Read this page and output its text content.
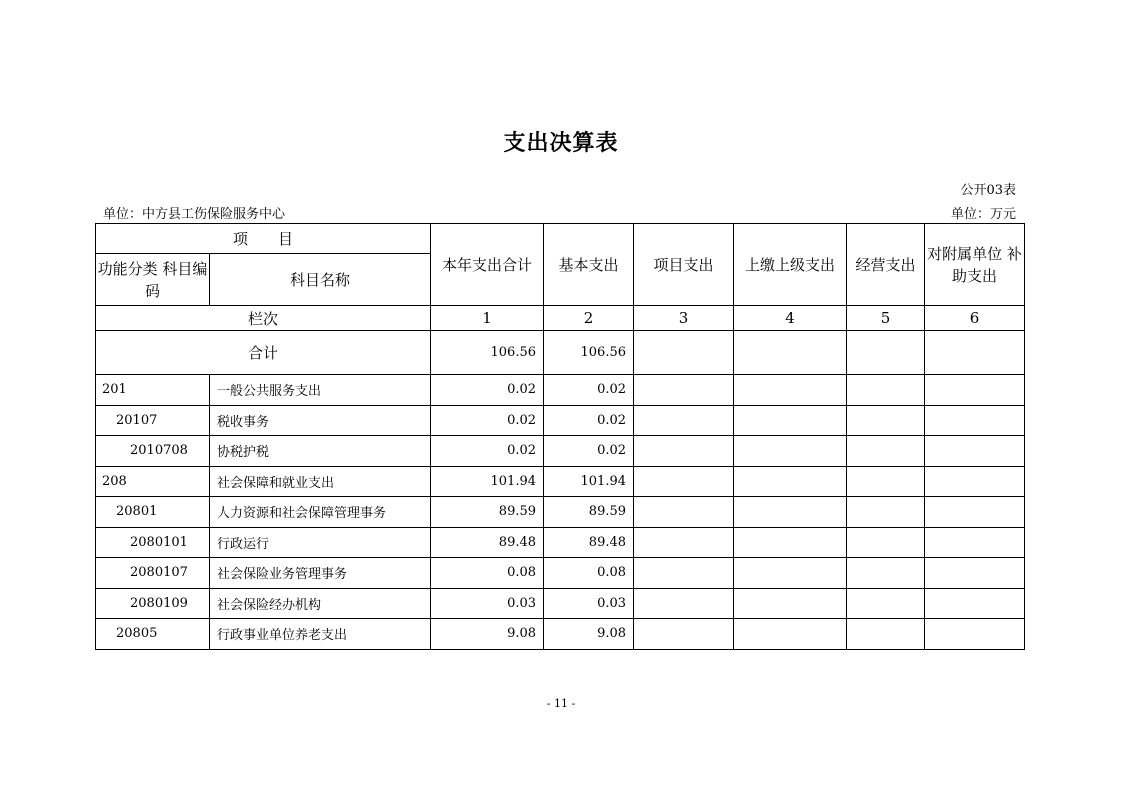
支出决算表
公开03表
单位：中方县工伤保险服务中心	单位：万元
项　　目		本年支出合计	基本支出	项目支出	上缴上级支出	经营支出	对附属单位 补助支出
功能分类 科目编码	科目名称						
栏次		1	2	3	4	5	6
合计		106.56	106.56				
201	一般公共服务支出	0.02	0.02				
20107	税收事务	0.02	0.02				
2010708	协税护税	0.02	0.02				
208	社会保障和就业支出	101.94	101.94				
20801	人力资源和社会保障管理事务	89.59	89.59				
2080101	行政运行	89.48	89.48				
2080107	社会保险业务管理事务	0.08	0.08				
2080109	社会保险经办机构	0.03	0.03				
20805	行政事业单位养老支出	9.08	9.08				
- 11 -
